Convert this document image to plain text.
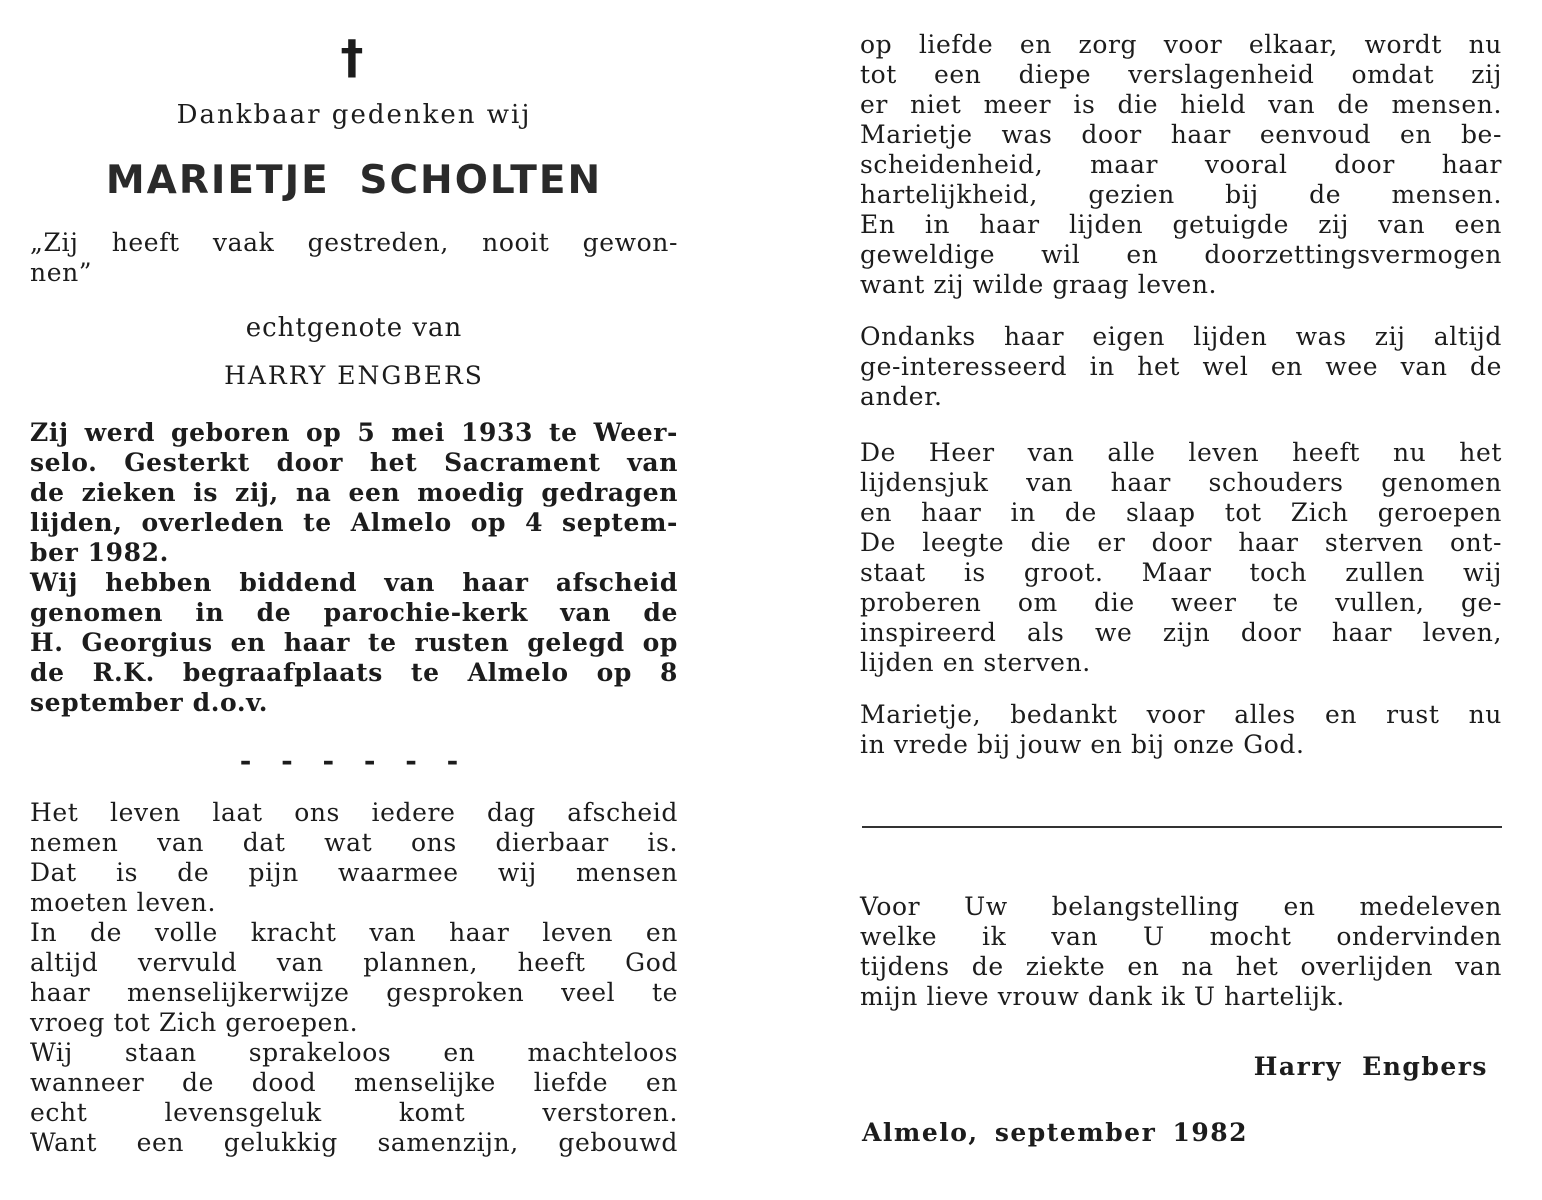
†
Dankbaar gedenken wij
MARIETJE SCHOLTEN
„Zij heeft vaak gestreden, nooit gewon-
nen”
echtgenote van
HARRY ENGBERS
Zij werd geboren op 5 mei 1933 te Weer-
selo. Gesterkt door het Sacrament van
de zieken is zij, na een moedig gedragen
lijden, overleden te Almelo op 4 septem-
ber 1982.
Wij hebben biddend van haar afscheid
genomen in de parochie-kerk van de
H. Georgius en haar te rusten gelegd op
de R.K. begraafplaats te Almelo op 8
september d.o.v.
- - - - - -
Het leven laat ons iedere dag afscheid
nemen van dat wat ons dierbaar is.
Dat is de pijn waarmee wij mensen
moeten leven.
In de volle kracht van haar leven en
altijd vervuld van plannen, heeft God
haar menselijkerwijze gesproken veel te
vroeg tot Zich geroepen.
Wij staan sprakeloos en machteloos
wanneer de dood menselijke liefde en
echt levensgeluk komt verstoren.
Want een gelukkig samenzijn, gebouwd
op liefde en zorg voor elkaar, wordt nu
tot een diepe verslagenheid omdat zij
er niet meer is die hield van de mensen.
Marietje was door haar eenvoud en be-
scheidenheid, maar vooral door haar
hartelijkheid, gezien bij de mensen.
En in haar lijden getuigde zij van een
geweldige wil en doorzettingsvermogen
want zij wilde graag leven.
Ondanks haar eigen lijden was zij altijd
ge-interesseerd in het wel en wee van de
ander.
De Heer van alle leven heeft nu het
lijdensjuk van haar schouders genomen
en haar in de slaap tot Zich geroepen
De leegte die er door haar sterven ont-
staat is groot. Maar toch zullen wij
proberen om die weer te vullen, ge-
inspireerd als we zijn door haar leven,
lijden en sterven.
Marietje, bedankt voor alles en rust nu
in vrede bij jouw en bij onze God.
Voor Uw belangstelling en medeleven
welke ik van U mocht ondervinden
tijdens de ziekte en na het overlijden van
mijn lieve vrouw dank ik U hartelijk.
Harry Engbers
Almelo, september 1982
